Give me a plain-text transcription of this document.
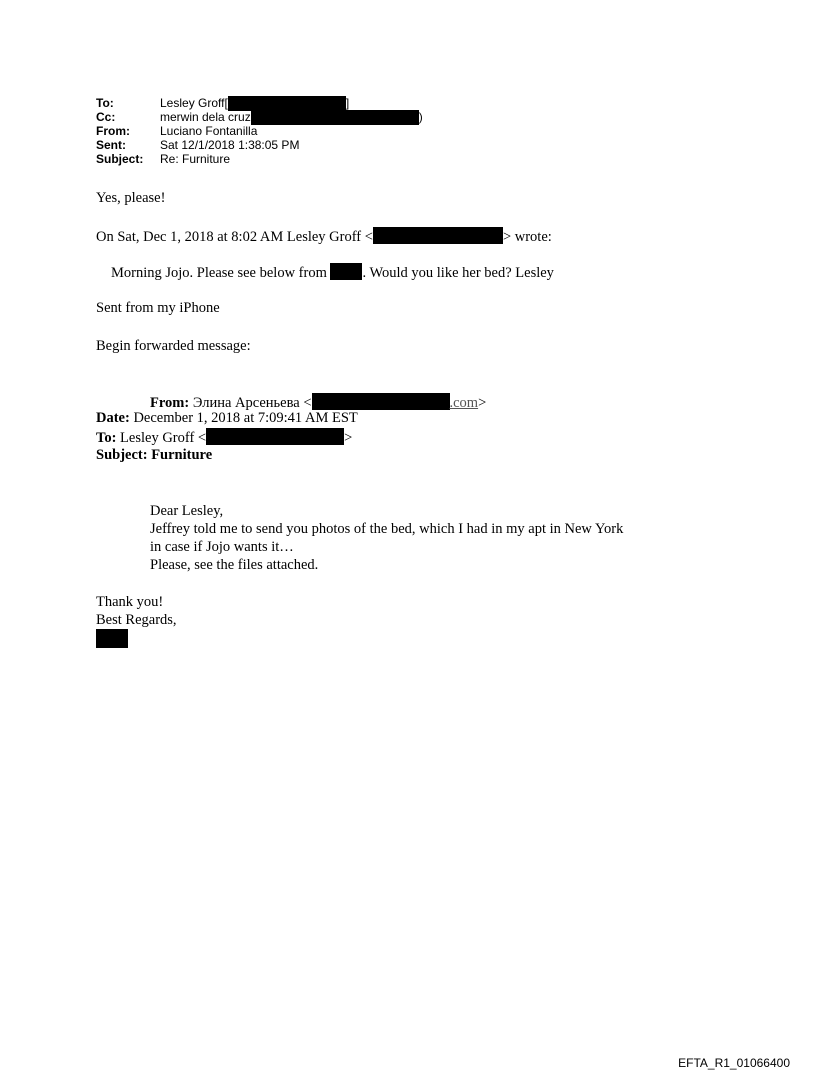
To:	Lesley Groff[	]
Cc:	merwin dela cruz	)
From:	Luciano Fontanilla
Sent:	Sat 12/1/2018 1:38:05 PM
Subject:	Re: Furniture
Yes, please!
On Sat, Dec 1, 2018 at 8:02 AM Lesley Groff <	> wrote:
Morning Jojo. Please see below from . Would you like her bed? Lesley
Sent from my iPhone
Begin forwarded message:
From: Элина Арсеньева <	.com>
Date: December 1, 2018 at 7:09:41 AM EST
To: Lesley Groff <	>
Subject: Furniture
Dear Lesley,
Jeffrey told me to send you photos of the bed, which I had in my apt in New York
in case if Jojo wants it…
Please, see the files attached.
Thank you!
Best Regards,
EFTA_R1_01066400
